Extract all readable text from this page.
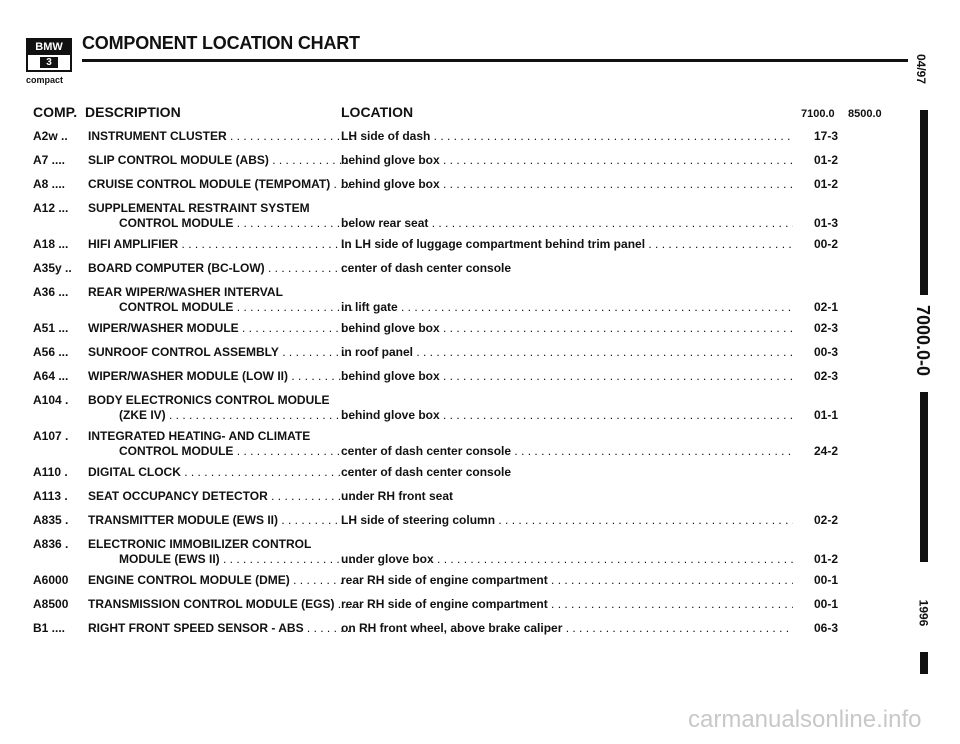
BMW
3
compact
COMPONENT LOCATION CHART
04/97
7000.0-0
1996
COMP. DESCRIPTION	LOCATION	7100.0 8500.0
A2w .. INSTRUMENT CLUSTER . . .	LH side of dash . . .	17-3
A7 .... SLIP CONTROL MODULE (ABS) . . .	behind glove box . . .	01-2
A8 .... CRUISE CONTROL MODULE (TEMPOMAT) . . . behind glove box . . .	01-2
A12 ... SUPPLEMENTAL RESTRAINT SYSTEM
CONTROL MODULE . . .	below rear seat . . .	01-3
A18 ... HIFI AMPLIFIER . . .	In LH side of luggage compartment behind trim panel . . .	00-2
A35y .. BOARD COMPUTER (BC-LOW) . . .	center of dash center console
A36 ... REAR WIPER/WASHER INTERVAL
CONTROL MODULE . . .	in lift gate . . .	02-1
A51 ... WIPER/WASHER MODULE . . .	behind glove box . . .	02-3
A56 ... SUNROOF CONTROL ASSEMBLY . . .	in roof panel . . .	00-3
A64 ... WIPER/WASHER MODULE (LOW II) . . .	behind glove box . . .	02-3
A104 . BODY ELECTRONICS CONTROL MODULE
(ZKE IV) . . .	behind glove box . . .	01-1
A107 . INTEGRATED HEATING- AND CLIMATE
CONTROL MODULE . . .	center of dash center console . . .	24-2
A110 . DIGITAL CLOCK . . .	center of dash center console
A113 . SEAT OCCUPANCY DETECTOR . . .	under RH front seat
A835 . TRANSMITTER MODULE (EWS II) . . .	LH side of steering column . . .	02-2
A836 . ELECTRONIC IMMOBILIZER CONTROL
MODULE (EWS II) . . .	under glove box . . .	01-2
A6000 ENGINE CONTROL MODULE (DME) . . .	rear RH side of engine compartment . . .	00-1
A8500 TRANSMISSION CONTROL MODULE (EGS) . . . rear RH side of engine compartment . . .	00-1
B1 .... RIGHT FRONT SPEED SENSOR - ABS . . .	on RH front wheel, above brake caliper . . .	06-3
carmanualsonline.info
